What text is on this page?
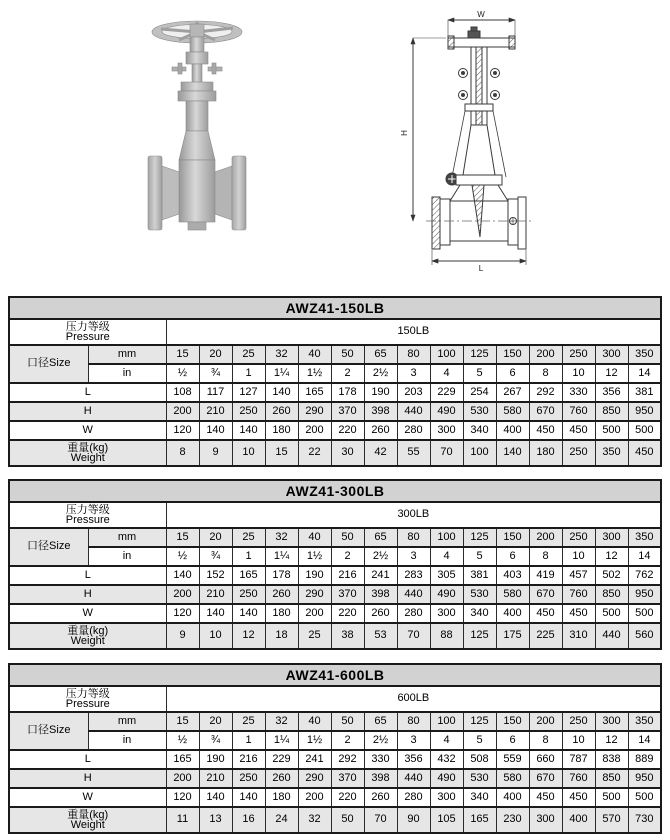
W
H
L
AWZ41-150LB																

压力等级
Pressure		150LB														
口径Size	mm	15	20	25	32	40	50	65	80	100	125	150	200	250	300	350
	in	½	¾	1	1¼	1½	2	2½	3	4	5	6	8	10	12	14
L		108	117	127	140	165	178	190	203	229	254	267	292	330	356	381
H		200	210	250	260	290	370	398	440	490	530	580	670	760	850	950
W		120	140	140	180	200	220	260	280	300	340	400	450	450	500	500

重量(kg)
Weight		8	9	10	15	22	30	42	55	70	100	140	180	250	350	450
AWZ41-300LB																

压力等级
Pressure		300LB														
口径Size	mm	15	20	25	32	40	50	65	80	100	125	150	200	250	300	350
	in	½	¾	1	1¼	1½	2	2½	3	4	5	6	8	10	12	14
L		140	152	165	178	190	216	241	283	305	381	403	419	457	502	762
H		200	210	250	260	290	370	398	440	490	530	580	670	760	850	950
W		120	140	140	180	200	220	260	280	300	340	400	450	450	500	500

重量(kg)
Weight		9	10	12	18	25	38	53	70	88	125	175	225	310	440	560
AWZ41-600LB																

压力等级
Pressure		600LB														
口径Size	mm	15	20	25	32	40	50	65	80	100	125	150	200	250	300	350
	in	½	¾	1	1¼	1½	2	2½	3	4	5	6	8	10	12	14
L		165	190	216	229	241	292	330	356	432	508	559	660	787	838	889
H		200	210	250	260	290	370	398	440	490	530	580	670	760	850	950
W		120	140	140	180	200	220	260	280	300	340	400	450	450	500	500

重量(kg)
Weight		11	13	16	24	32	50	70	90	105	165	230	300	400	570	730
